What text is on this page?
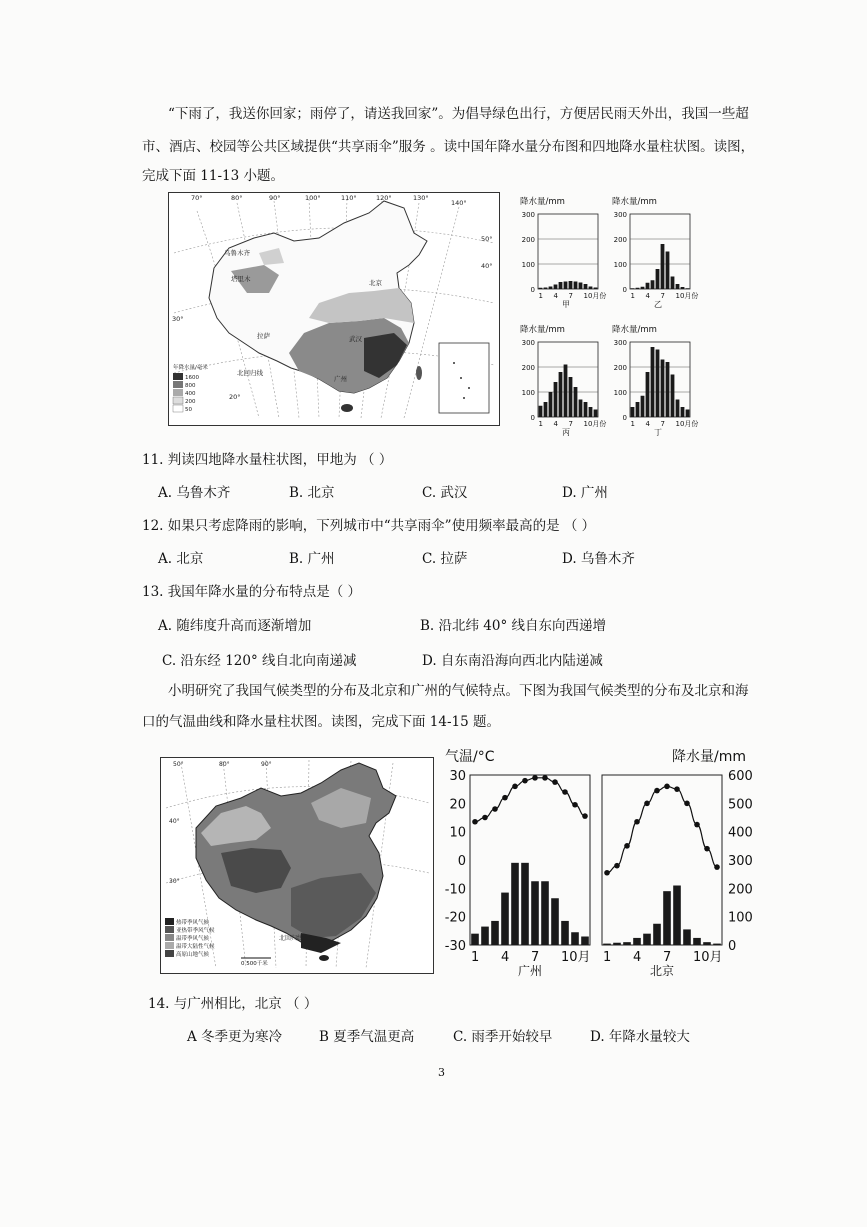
“下雨了，我送你回家；雨停了，请送我回家”。为倡导绿色出行，方便居民雨天外出，我国一些超
市、酒店、校园等公共区域提供“共享雨伞”服务 。读中国年降水量分布图和四地降水量柱状图。读图，
完成下面 11-13 小题。
70°	80°	90°	100°	110°	120°	130°
140°
50°
40°
30°
20°
乌鲁木齐
塔里木	北京
拉萨	武汉
广州
北回归线
年降水量/毫米
1600
800
400
200
50
降水量/mm
300
200
100
0
1 4 7 10月份
甲
降水量/mm
300
200
100
0
1 4 7 10月份
乙
降水量/mm
300
200
100
0
1 4 7 10月份
丙
降水量/mm
300
200
100
0
1 4 7 10月份
丁
11. 判读四地降水量柱状图，甲地为 （ ）
A. 乌鲁木齐	B. 北京	C. 武汉	D. 广州
12. 如果只考虑降雨的影响，下列城市中“共享雨伞”使用频率最高的是 （ ）
A. 北京	B. 广州	C. 拉萨	D. 乌鲁木齐
13. 我国年降水量的分布特点是（ ）
A. 随纬度升高而逐渐增加	B. 沿北纬 40° 线自东向西递增
C. 沿东经 120° 线自北向南递减	D. 自东南沿海向西北内陆递减
小明研究了我国气候类型的分布及北京和广州的气候特点。下图为我国气候类型的分布及北京和海
口的气温曲线和降水量柱状图。读图，完成下面 14-15 题。
50°	80°	90°
40°
30°
北回归线
热带季风气候
亚热带季风气候
温带季风气候
温带大陆性气候
高原山地气候
0 500千米
气温/°C	降水量/mm
30
20
10
0
-10
-20
-30
600
500
400
300
200
100
0
1 4 7 10月
广州
1 4 7 10月
北京
14. 与广州相比，北京 （ ）
A 冬季更为寒冷	B 夏季气温更高	C. 雨季开始较早	D. 年降水量较大
3
